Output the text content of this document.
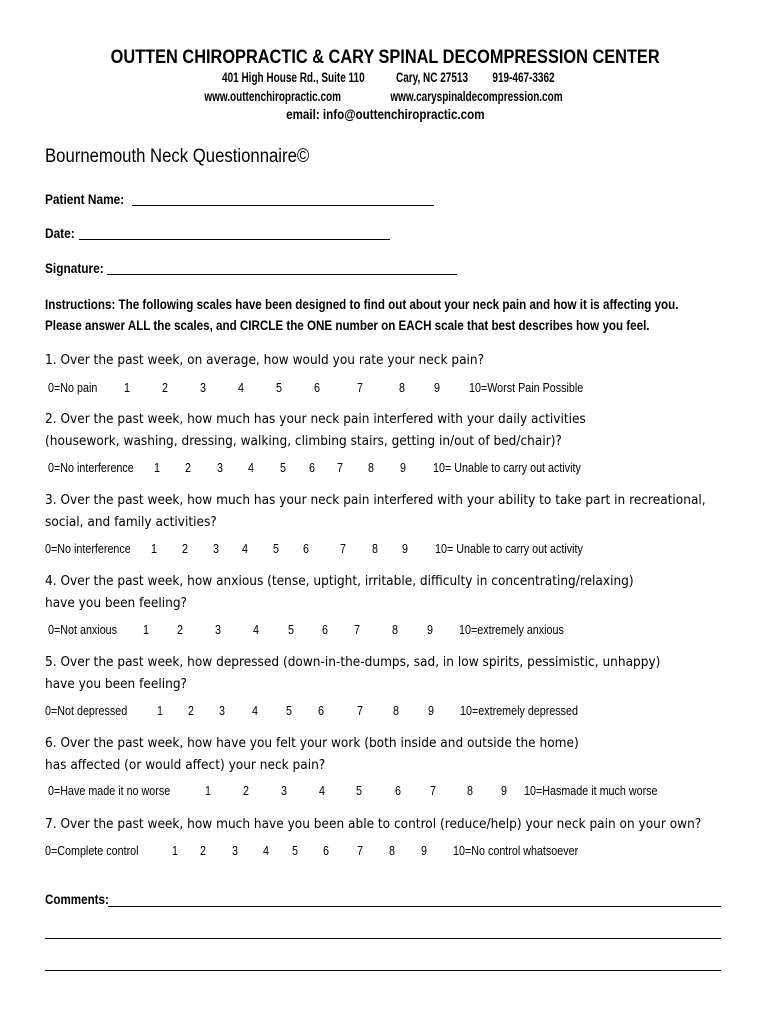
OUTTEN CHIROPRACTIC & CARY SPINAL DECOMPRESSION CENTER
401 High House Rd., Suite 110 Cary, NC 27513 919-467-3362
www.outtenchiropractic.com	www.caryspinaldecompression.com
email: info@outtenchiropractic.com
Bournemouth Neck Questionnaire©
Patient Name:
Date:
Signature:
Instructions: The following scales have been designed to find out about your neck pain and how it is affecting you.
Please answer ALL the scales, and CIRCLE the ONE number on EACH scale that best describes how you feel.
1. Over the past week, on average, how would you rate your neck pain?
0=No pain 1	2	3	4	5	6	7	8 9 10=Worst Pain Possible
2. Over the past week, how much has your neck pain interfered with your daily activities
(housework, washing, dressing, walking, climbing stairs, getting in/out of bed/chair)?
0=No interference 1 2 3 4 5 6 7 8 9 10= Unable to carry out activity
3. Over the past week, how much has your neck pain interfered with your ability to take part in recreational,
social, and family activities?
0=No interference 1 2 3 4 5 6 7 8 9 10= Unable to carry out activity
4. Over the past week, how anxious (tense, uptight, irritable, difficulty in concentrating/relaxing)
have you been feeling?
0=Not anxious 1 2	3	4 5 6 7	8 9 10=extremely anxious
5. Over the past week, how depressed (down-in-the-dumps, sad, in low spirits, pessimistic, unhappy)
have you been feeling?
0=Not depressed 1 2 3 4 5 6	7 8 9 10=extremely depressed
6. Over the past week, how have you felt your work (both inside and outside the home)
has affected (or would affect) your neck pain?
0=Have made it no worse	1	2	3	4 5	6 7 8 9 10=Hasmade it much worse
7. Over the past week, how much have you been able to control (reduce/help) your neck pain on your own?
0=Complete control	1 2 3 4 5 6 7 8 9 10=No control whatsoever
Comments:
